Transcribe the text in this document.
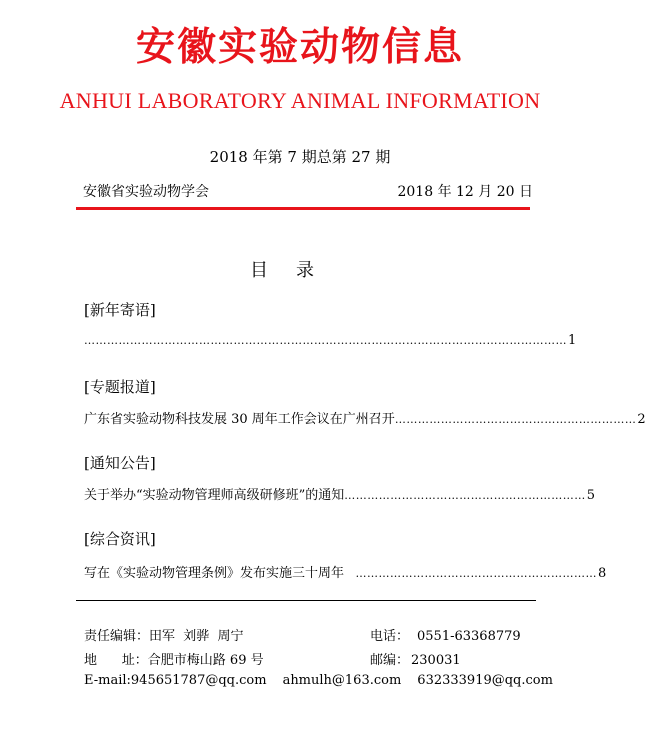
安徽实验动物信息
ANHUI LABORATORY ANIMAL INFORMATION
2018 年第 7 期总第 27 期
安徽省实验动物学会	2018 年 12 月 20 日
目录
[新年寄语]
……………………………………………………………………………………………………………… 1
[专题报道]
广东省实验动物科技发展 30 周年工作会议在广州召开 ……………………………………………………… 2
[通知公告]
关于举办“实验动物管理师高级研修班”的通知 ……………………………………………………… 5
[综合资讯]
写在《实验动物管理条例》发布实施三十周年 　……………………………………………………… 8
责任编辑：田军  刘骅  周宁	电话： 0551-63368779
地      址：合肥市梅山路 69 号	邮编： 230031
E-mail:945651787@qq.com ahmulh@163.com 632333919@qq.com
